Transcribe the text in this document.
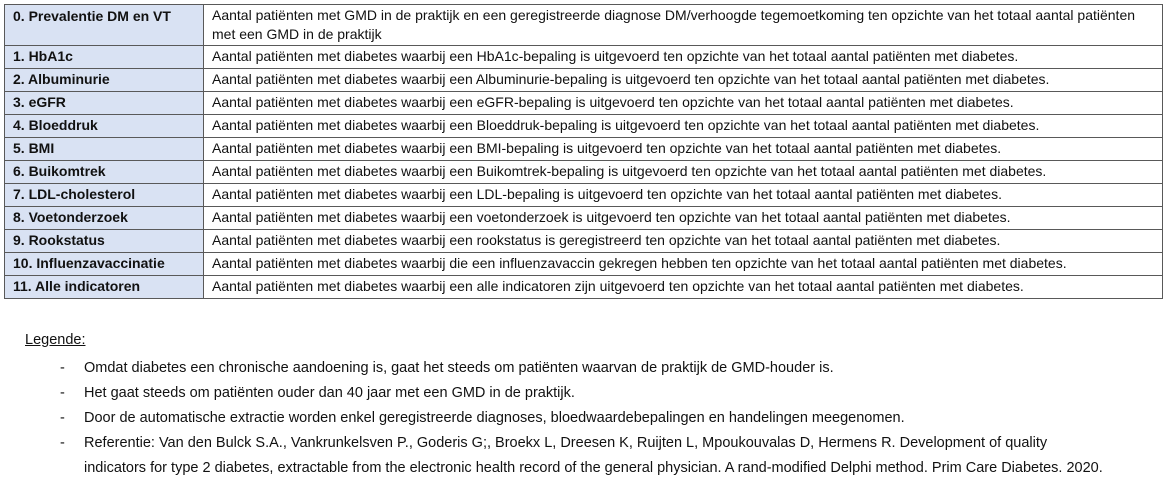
0. Prevalentie DM en VT	Aantal patiënten met GMD in de praktijk en een geregistreerde diagnose DM/verhoogde tegemoetkoming ten opzichte van het totaal aantal patiënten met een GMD in de praktijk
1. HbA1c	Aantal patiënten met diabetes waarbij een HbA1c-bepaling is uitgevoerd ten opzichte van het totaal aantal patiënten met diabetes.
2. Albuminurie	Aantal patiënten met diabetes waarbij een Albuminurie-bepaling is uitgevoerd ten opzichte van het totaal aantal patiënten met diabetes.
3. eGFR	Aantal patiënten met diabetes waarbij een eGFR-bepaling is uitgevoerd ten opzichte van het totaal aantal patiënten met diabetes.
4. Bloeddruk	Aantal patiënten met diabetes waarbij een Bloeddruk-bepaling is uitgevoerd ten opzichte van het totaal aantal patiënten met diabetes.
5. BMI	Aantal patiënten met diabetes waarbij een BMI-bepaling is uitgevoerd ten opzichte van het totaal aantal patiënten met diabetes.
6. Buikomtrek	Aantal patiënten met diabetes waarbij een Buikomtrek-bepaling is uitgevoerd ten opzichte van het totaal aantal patiënten met diabetes.
7. LDL-cholesterol	Aantal patiënten met diabetes waarbij een LDL-bepaling is uitgevoerd ten opzichte van het totaal aantal patiënten met diabetes.
8. Voetonderzoek	Aantal patiënten met diabetes waarbij een voetonderzoek is uitgevoerd ten opzichte van het totaal aantal patiënten met diabetes.
9. Rookstatus	Aantal patiënten met diabetes waarbij een rookstatus is geregistreerd ten opzichte van het totaal aantal patiënten met diabetes.
10. Influenzavaccinatie	Aantal patiënten met diabetes waarbij die een influenzavaccin gekregen hebben ten opzichte van het totaal aantal patiënten met diabetes.
11. Alle indicatoren	Aantal patiënten met diabetes waarbij een alle indicatoren zijn uitgevoerd ten opzichte van het totaal aantal patiënten met diabetes.
Legende:
-	Omdat diabetes een chronische aandoening is, gaat het steeds om patiënten waarvan de praktijk de GMD-houder is.
-	Het gaat steeds om patiënten ouder dan 40 jaar met een GMD in de praktijk.
-	Door de automatische extractie worden enkel geregistreerde diagnoses, bloedwaardebepalingen en handelingen meegenomen.
-	Referentie: Van den Bulck S.A., Vankrunkelsven P., Goderis G;, Broekx L, Dreesen K, Ruijten L, Mpoukouvalas D, Hermens R. Development of quality indicators for type 2 diabetes, extractable from the electronic health record of the general physician. A rand-modified Delphi method. Prim Care Diabetes. 2020.
